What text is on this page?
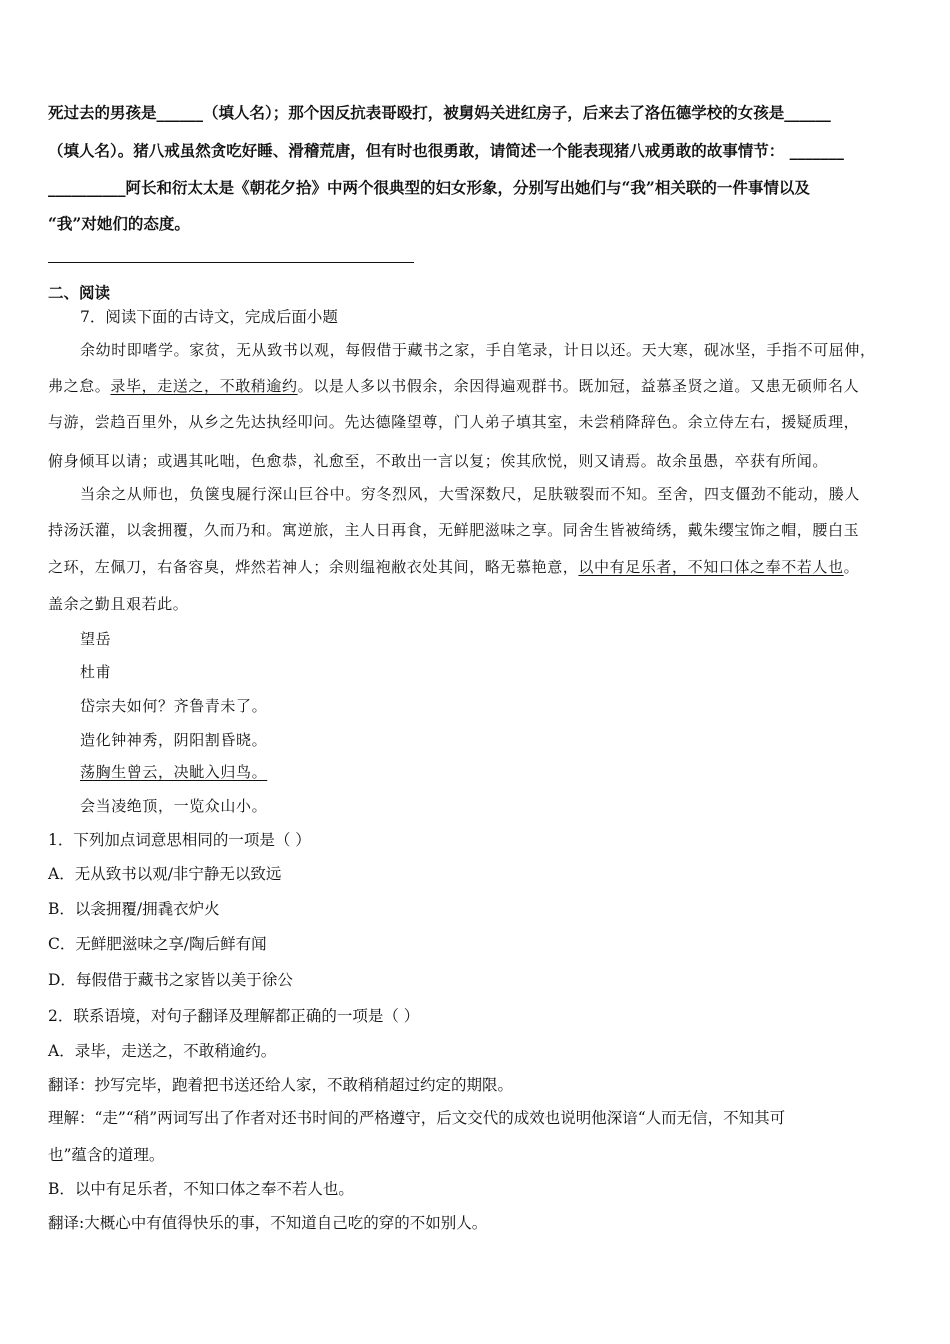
死过去的男孩是______（填人名）；那个因反抗表哥殴打，被舅妈关进红房子，后来去了洛伍德学校的女孩是______
（填人名）。猪八戒虽然贪吃好睡、滑稽荒唐，但有时也很勇敢，请简述一个能表现猪八戒勇敢的故事情节： _______
__________阿长和衍太太是《朝花夕拾》中两个很典型的妇女形象，分别写出她们与“我”相关联的一件事情以及
“我”对她们的态度。
二、阅读
7．阅读下面的古诗文，完成后面小题
余幼时即嗜学。家贫，无从致书以观，每假借于藏书之家，手自笔录，计日以还。天大寒，砚冰坚，手指不可屈伸，
弗之怠。录毕，走送之，不敢稍逾约。以是人多以书假余，余因得遍观群书。既加冠，益慕圣贤之道。又患无硕师名人
与游，尝趋百里外，从乡之先达执经叩问。先达德隆望尊，门人弟子填其室，未尝稍降辞色。余立侍左右，援疑质理，
俯身倾耳以请；或遇其叱咄，色愈恭，礼愈至，不敢出一言以复；俟其欣悦，则又请焉。故余虽愚，卒获有所闻。
当余之从师也，负箧曳屣行深山巨谷中。穷冬烈风，大雪深数尺，足肤皲裂而不知。至舍，四支僵劲不能动，媵人
持汤沃灌，以衾拥覆，久而乃和。寓逆旅，主人日再食，无鲜肥滋味之享。同舍生皆被绮绣，戴朱缨宝饰之帽，腰白玉
之环，左佩刀，右备容臭，烨然若神人；余则缊袍敝衣处其间，略无慕艳意，以中有足乐者，不知口体之奉不若人也。
盖余之勤且艰若此。
望岳
杜甫
岱宗夫如何？齐鲁青未了。
造化钟神秀，阴阳割昏晓。
荡胸生曾云，决眦入归鸟。
会当凌绝顶，一览众山小。
1．下列加点词意思相同的一项是（ ）
A．无从致书以观/非宁静无以致远
B．以衾拥覆/拥毳衣炉火
C．无鲜肥滋味之享/陶后鲜有闻
D．每假借于藏书之家皆以美于徐公
2．联系语境，对句子翻译及理解都正确的一项是（ ）
A．录毕，走送之，不敢稍逾约。
翻译：抄写完毕，跑着把书送还给人家，不敢稍稍超过约定的期限。
理解：“走”“稍”两词写出了作者对还书时间的严格遵守，后文交代的成效也说明他深谙“人而无信，不知其可
也”蕴含的道理。
B．以中有足乐者，不知口体之奉不若人也。
翻译:大概心中有值得快乐的事，不知道自己吃的穿的不如别人。
